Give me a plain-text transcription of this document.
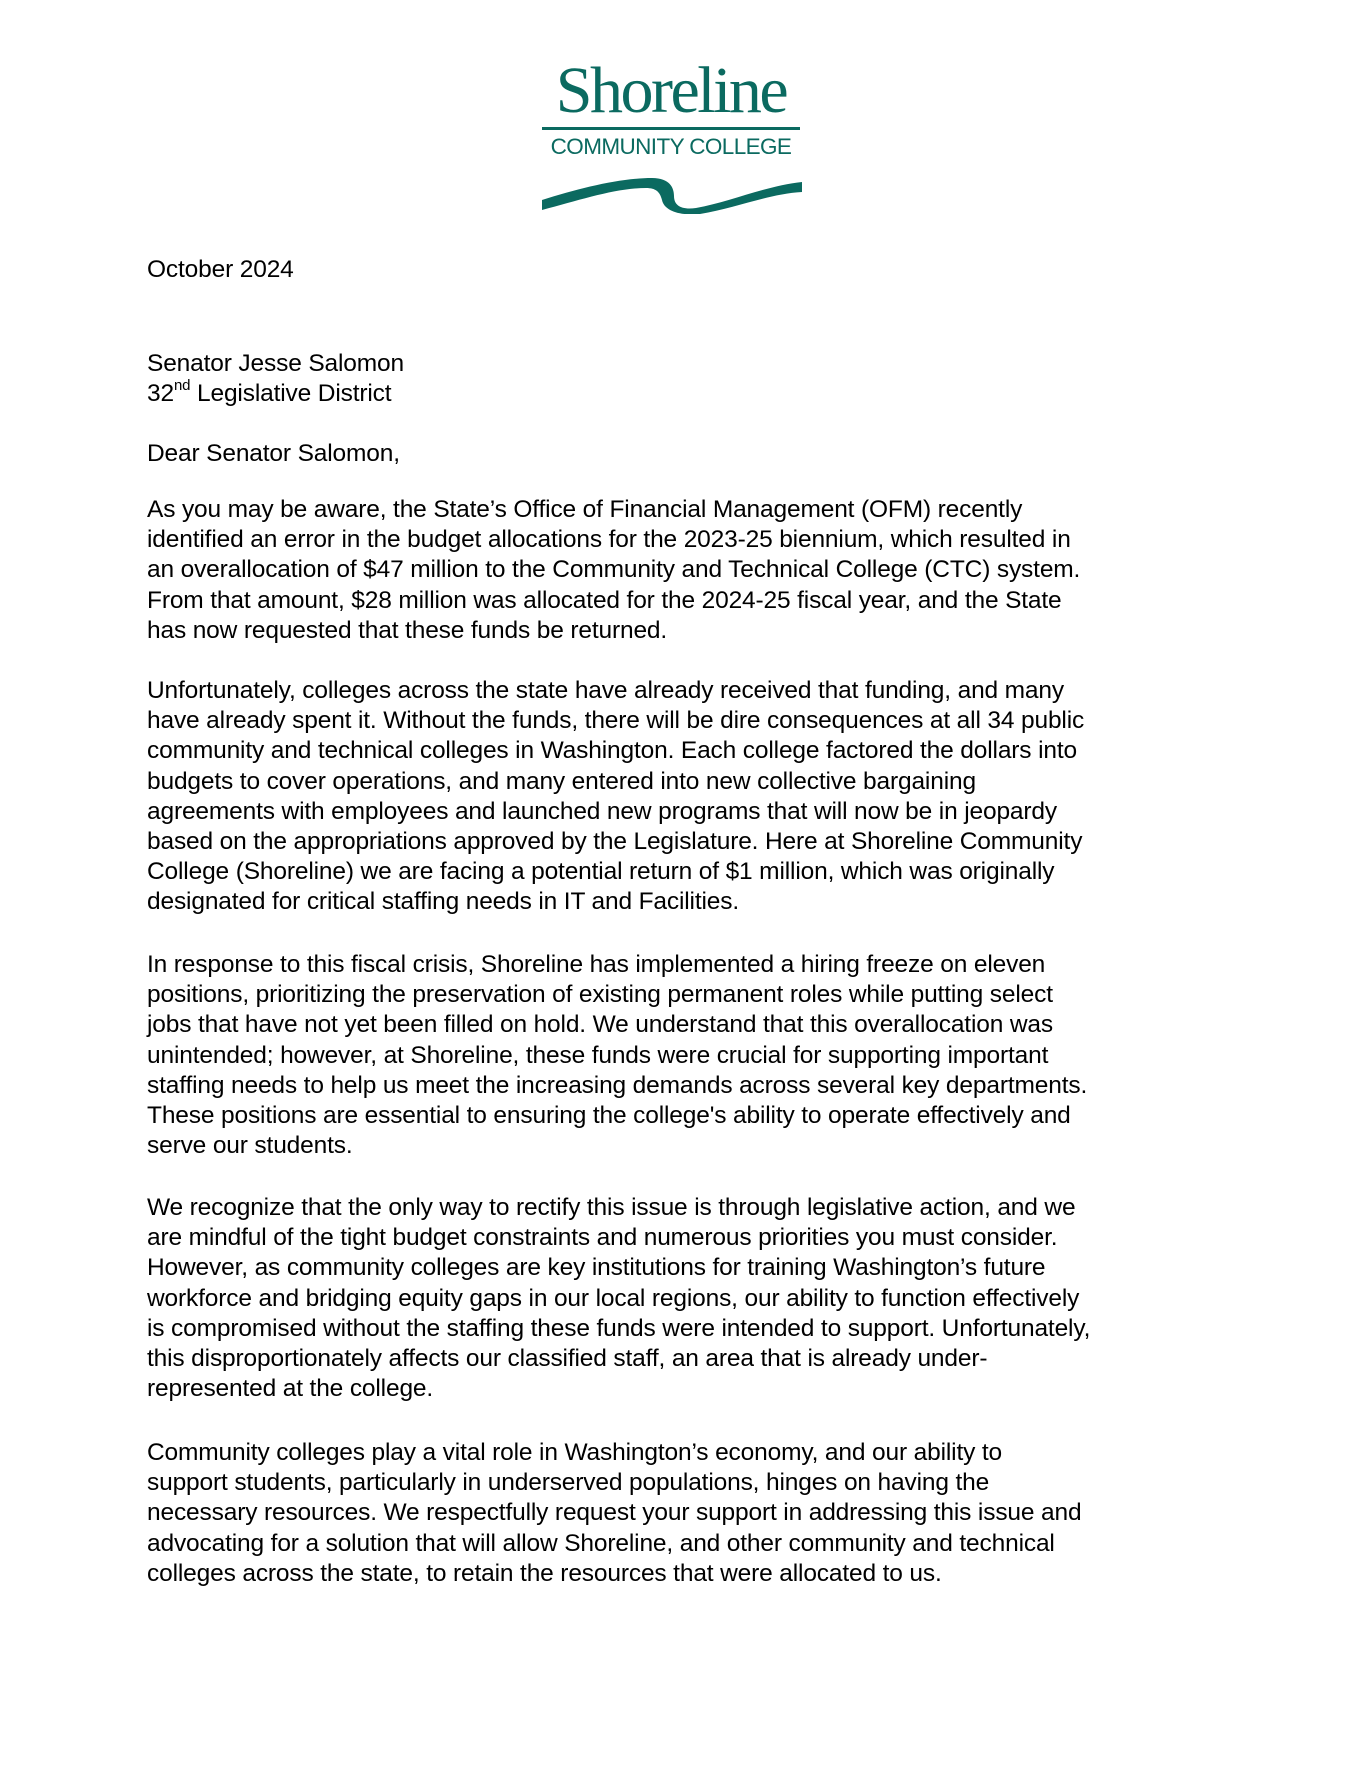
Shoreline
COMMUNITY COLLEGE
October 2024
Senator Jesse Salomon
32nd Legislative District
Dear Senator Salomon,
As you may be aware, the State’s Office of Financial Management (OFM) recently
identified an error in the budget allocations for the 2023-25 biennium, which resulted in
an overallocation of $47 million to the Community and Technical College (CTC) system.
From that amount, $28 million was allocated for the 2024-25 fiscal year, and the State
has now requested that these funds be returned.
Unfortunately, colleges across the state have already received that funding, and many
have already spent it. Without the funds, there will be dire consequences at all 34 public
community and technical colleges in Washington. Each college factored the dollars into
budgets to cover operations, and many entered into new collective bargaining
agreements with employees and launched new programs that will now be in jeopardy
based on the appropriations approved by the Legislature. Here at Shoreline Community
College (Shoreline) we are facing a potential return of $1 million, which was originally
designated for critical staffing needs in IT and Facilities.
In response to this fiscal crisis, Shoreline has implemented a hiring freeze on eleven
positions, prioritizing the preservation of existing permanent roles while putting select
jobs that have not yet been filled on hold. We understand that this overallocation was
unintended; however, at Shoreline, these funds were crucial for supporting important
staffing needs to help us meet the increasing demands across several key departments.
These positions are essential to ensuring the college's ability to operate effectively and
serve our students.
We recognize that the only way to rectify this issue is through legislative action, and we
are mindful of the tight budget constraints and numerous priorities you must consider.
However, as community colleges are key institutions for training Washington’s future
workforce and bridging equity gaps in our local regions, our ability to function effectively
is compromised without the staffing these funds were intended to support. Unfortunately,
this disproportionately affects our classified staff, an area that is already under-
represented at the college.
Community colleges play a vital role in Washington’s economy, and our ability to
support students, particularly in underserved populations, hinges on having the
necessary resources. We respectfully request your support in addressing this issue and
advocating for a solution that will allow Shoreline, and other community and technical
colleges across the state, to retain the resources that were allocated to us.
